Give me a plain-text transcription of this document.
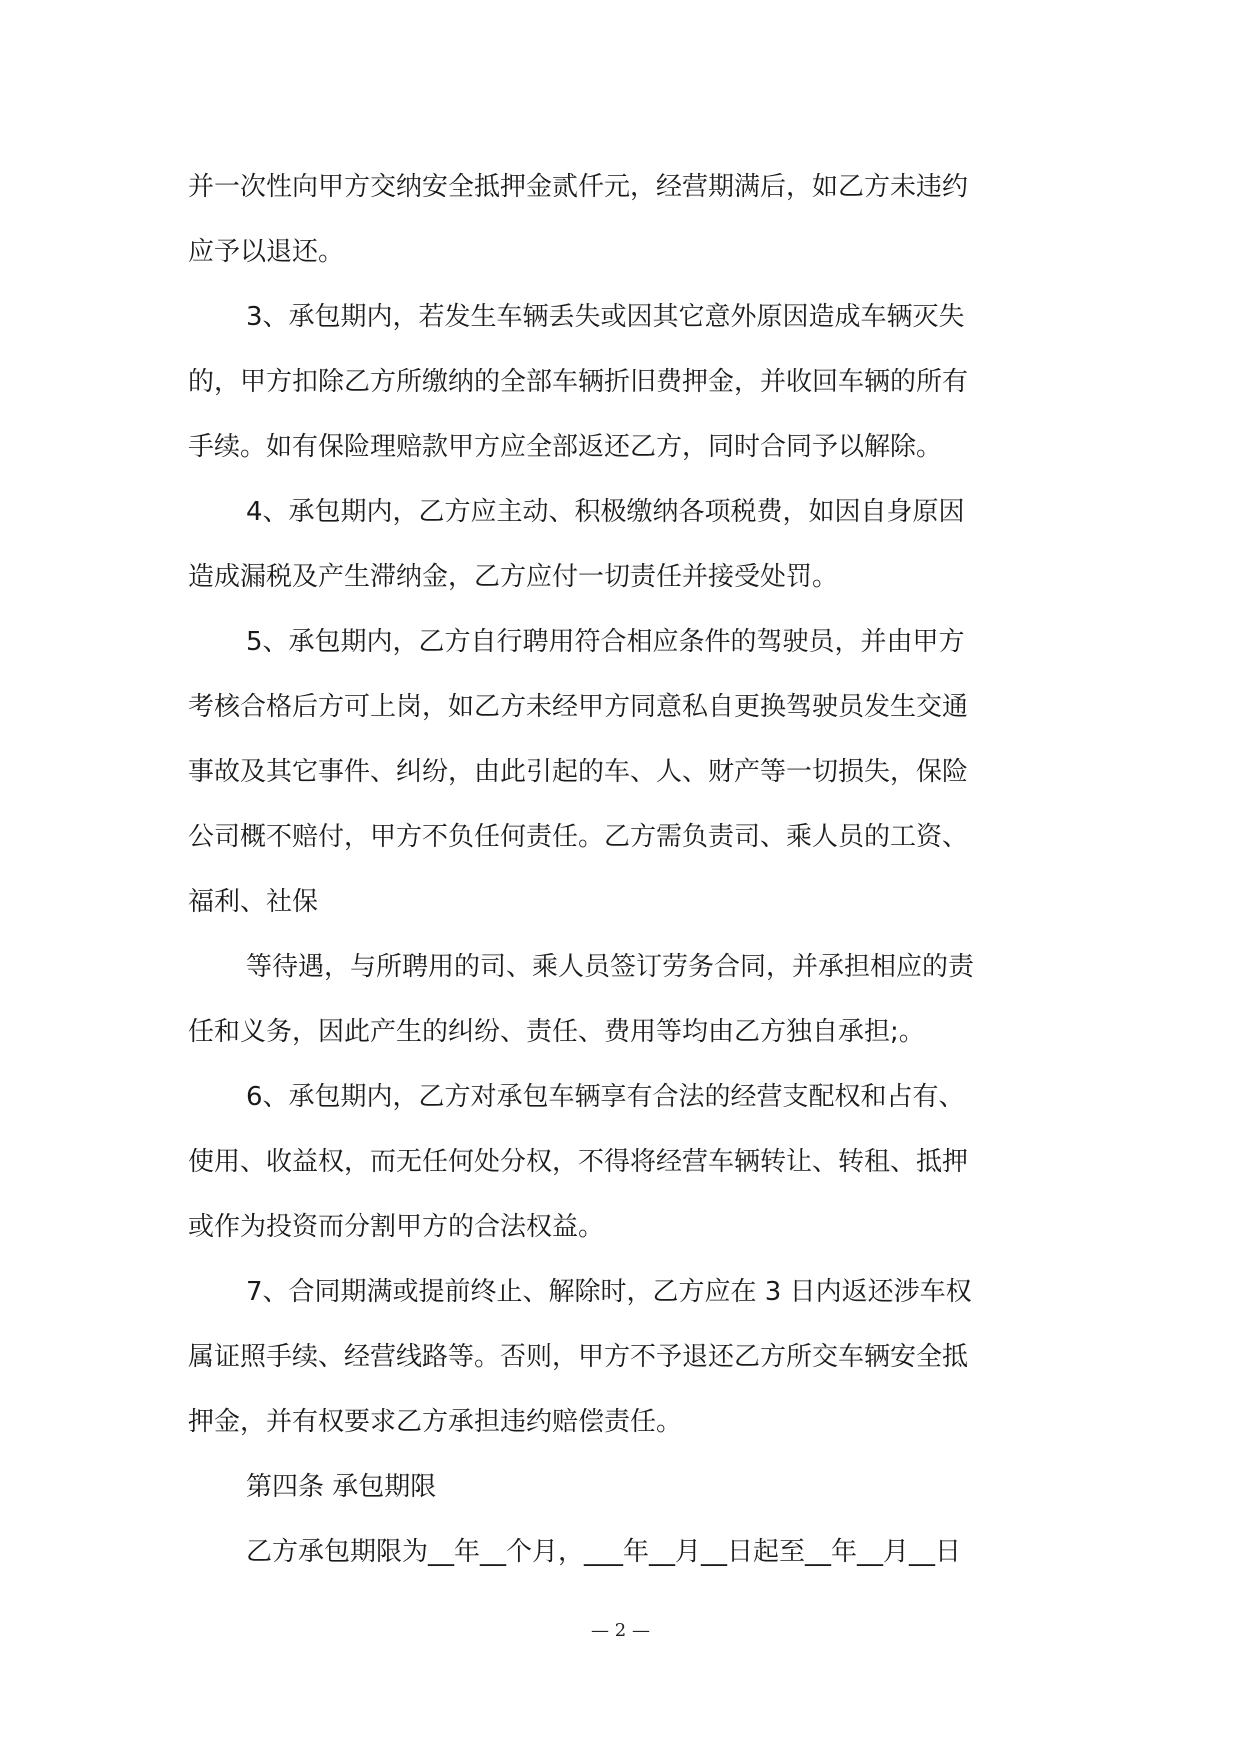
并一次性向甲方交纳安全抵押金贰仟元，经营期满后，如乙方未违约
应予以退还。
3、承包期内，若发生车辆丢失或因其它意外原因造成车辆灭失
的，甲方扣除乙方所缴纳的全部车辆折旧费押金，并收回车辆的所有
手续。如有保险理赔款甲方应全部返还乙方，同时合同予以解除。
4、承包期内，乙方应主动、积极缴纳各项税费，如因自身原因
造成漏税及产生滞纳金，乙方应付一切责任并接受处罚。
5、承包期内，乙方自行聘用符合相应条件的驾驶员，并由甲方
考核合格后方可上岗，如乙方未经甲方同意私自更换驾驶员发生交通
事故及其它事件、纠纷，由此引起的车、人、财产等一切损失，保险
公司概不赔付，甲方不负任何责任。乙方需负责司、乘人员的工资、
福利、社保
等待遇，与所聘用的司、乘人员签订劳务合同，并承担相应的责
任和义务，因此产生的纠纷、责任、费用等均由乙方独自承担;。
6、承包期内，乙方对承包车辆享有合法的经营支配权和占有、
使用、收益权，而无任何处分权，不得将经营车辆转让、转租、抵押
或作为投资而分割甲方的合法权益。
7、合同期满或提前终止、解除时，乙方应在 3 日内返还涉车权
属证照手续、经营线路等。否则，甲方不予退还乙方所交车辆安全抵
押金，并有权要求乙方承担违约赔偿责任。
第四条 承包期限
乙方承包期限为__年__个月，___年__月__日起至__年__月__日
— 2 —
